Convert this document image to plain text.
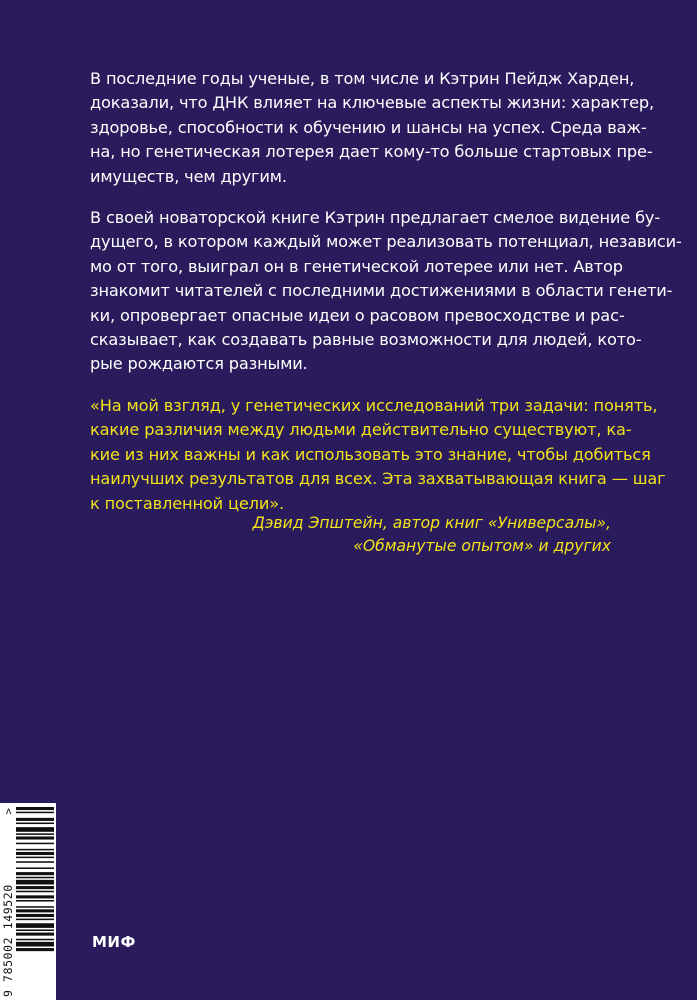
В последние годы ученые, в том числе и Кэтрин Пейдж Харден,
доказали, что ДНК влияет на ключевые аспекты жизни: характер,
здоровье, способности к обучению и шансы на успех. Среда важ-
на, но генетическая лотерея дает кому-то больше стартовых пре-
имуществ, чем другим.
В своей новаторской книге Кэтрин предлагает смелое видение бу-
дущего, в котором каждый может реализовать потенциал, независи-
мо от того, выиграл он в генетической лотерее или нет. Автор
знакомит читателей с последними достижениями в области генети-
ки, опровергает опасные идеи о расовом превосходстве и рас-
сказывает, как создавать равные возможности для людей, кото-
рые рождаются разными.
«На мой взгляд, у генетических исследований три задачи: понять,
какие различия между людьми действительно существуют, ка-
кие из них важны и как использовать это знание, чтобы добиться
наилучших результатов для всех. Эта захватывающая книга — шаг
к поставленной цели».
Дэвид Эпштейн, автор книг «Универсалы»,
«Обманутые опытом» и других
9 785002 149520
>
МИФ
